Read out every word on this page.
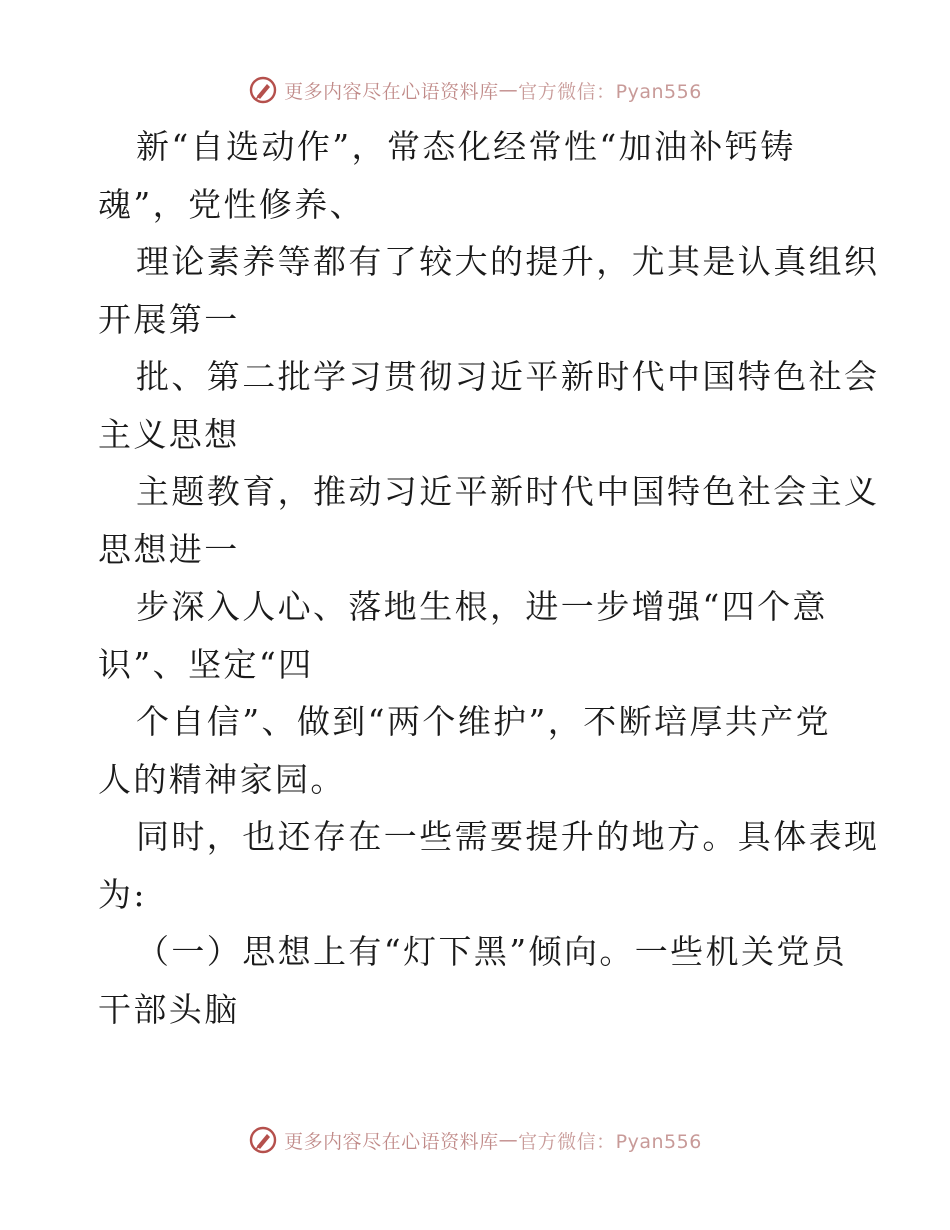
更多内容尽在心语资料库 — 官方微信：Pyan556

新“自选动作”，常态化经常性“加油补钙铸

魂”，党性修养、

理论素养等都有了较大的提升，尤其是认真组织

开展第一

批、第二批学习贯彻习近平新时代中国特色社会

主义思想

主题教育，推动习近平新时代中国特色社会主义

思想进一

步深入人心、落地生根，进一步增强“四个意

识”、坚定“四

个自信”、做到“两个维护”，不断培厚共产党

人的精神家园。

同时，也还存在一些需要提升的地方。具体表现

为:

（一）思想上有“灯下黑”倾向。一些机关党员

干部头脑

更多内容尽在心语资料库 — 官方微信：Pyan556
